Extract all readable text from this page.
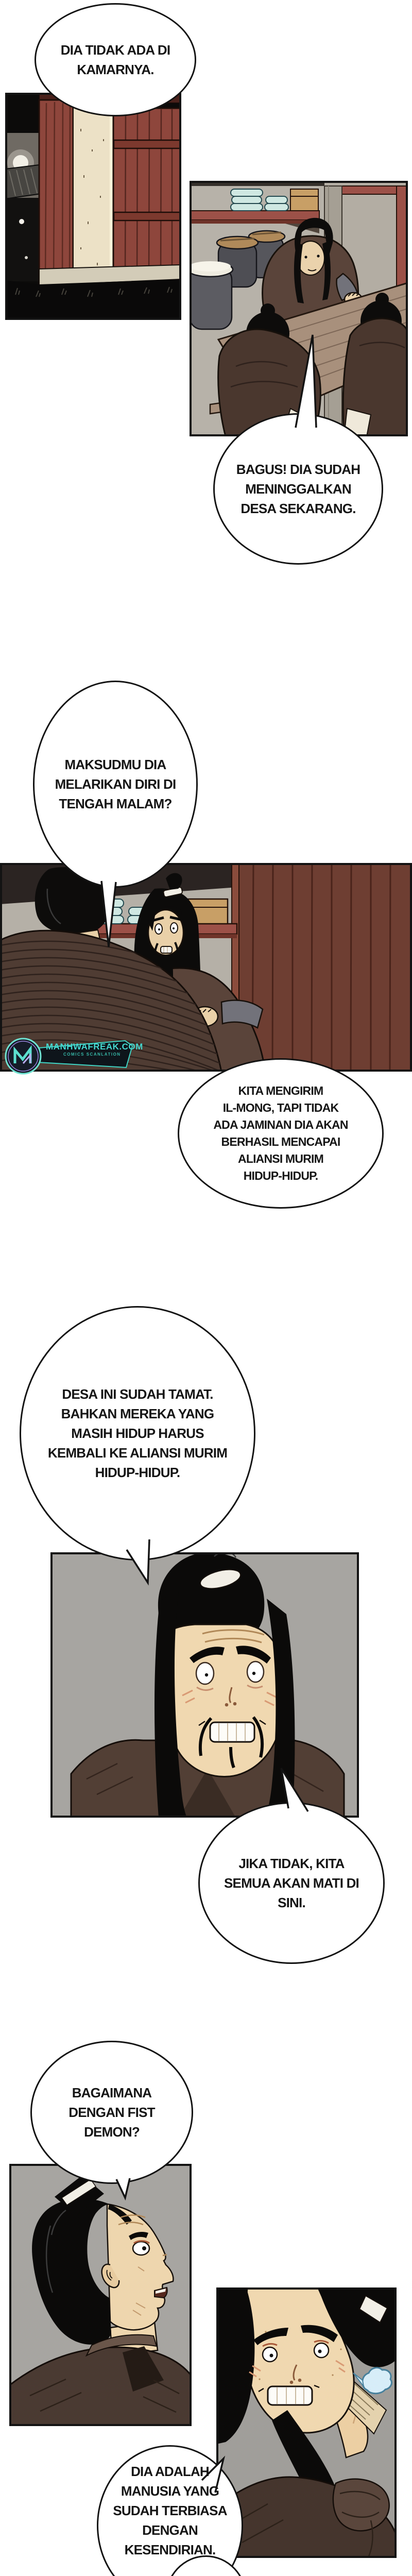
MANHWAFREAK.COM
COMICS SCANLATION
DIA TIDAK ADA DI
KAMARNYA.
BAGUS! DIA SUDAH
MENINGGALKAN
DESA SEKARANG.
MAKSUDMU DIA
MELARIKAN DIRI DI
TENGAH MALAM?
KITA MENGIRIM
IL-MONG, TAPI TIDAK
ADA JAMINAN DIA AKAN
BERHASIL MENCAPAI
ALIANSI MURIM
HIDUP-HIDUP.
DESA INI SUDAH TAMAT.
BAHKAN MEREKA YANG
MASIH HIDUP HARUS
KEMBALI KE ALIANSI MURIM
HIDUP-HIDUP.
JIKA TIDAK, KITA
SEMUA AKAN MATI DI
SINI.
BAGAIMANA
DENGAN FIST
DEMON?
DIA ADALAH
MANUSIA YANG
SUDAH TERBIASA
DENGAN
KESENDIRIAN.
